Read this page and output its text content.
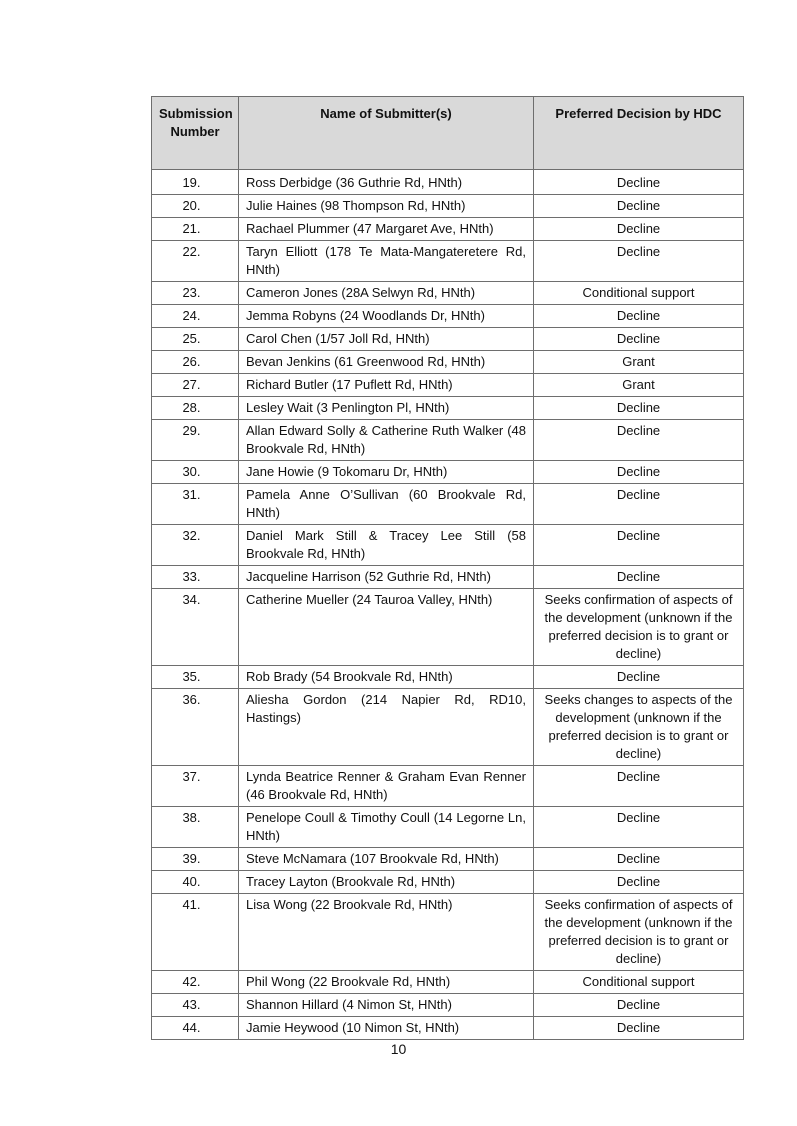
Submission Number	Name of Submitter(s)	Preferred Decision by HDC
19.	Ross Derbidge (36 Guthrie Rd, HNth)	Decline
20.	Julie Haines (98 Thompson Rd, HNth)	Decline
21.	Rachael Plummer (47 Margaret Ave, HNth)	Decline
22.	Taryn Elliott (178 Te Mata-Mangateretere Rd, HNth)	Decline
23.	Cameron Jones (28A Selwyn Rd, HNth)	Conditional support
24.	Jemma Robyns (24 Woodlands Dr, HNth)	Decline
25.	Carol Chen (1/57 Joll Rd, HNth)	Decline
26.	Bevan Jenkins (61 Greenwood Rd, HNth)	Grant
27.	Richard Butler (17 Puflett Rd, HNth)	Grant
28.	Lesley Wait (3 Penlington Pl, HNth)	Decline
29.	Allan Edward Solly & Catherine Ruth Walker (48 Brookvale Rd, HNth)	Decline
30.	Jane Howie (9 Tokomaru Dr, HNth)	Decline
31.	Pamela Anne O’Sullivan (60 Brookvale Rd, HNth)	Decline
32.	Daniel Mark Still & Tracey Lee Still (58 Brookvale Rd, HNth)	Decline
33.	Jacqueline Harrison (52 Guthrie Rd, HNth)	Decline
34.	Catherine Mueller (24 Tauroa Valley, HNth)	Seeks confirmation of aspects of the development (unknown if the preferred decision is to grant or decline)
35.	Rob Brady (54 Brookvale Rd, HNth)	Decline
36.	Aliesha Gordon (214 Napier Rd, RD10, Hastings)	Seeks changes to aspects of the development (unknown if the preferred decision is to grant or decline)
37.	Lynda Beatrice Renner & Graham Evan Renner (46 Brookvale Rd, HNth)	Decline
38.	Penelope Coull & Timothy Coull (14 Legorne Ln, HNth)	Decline
39.	Steve McNamara (107 Brookvale Rd, HNth)	Decline
40.	Tracey Layton (Brookvale Rd, HNth)	Decline
41.	Lisa Wong (22 Brookvale Rd, HNth)	Seeks confirmation of aspects of the development (unknown if the preferred decision is to grant or decline)
42.	Phil Wong (22 Brookvale Rd, HNth)	Conditional support
43.	Shannon Hillard (4 Nimon St, HNth)	Decline
44.	Jamie Heywood (10 Nimon St, HNth)	Decline
10
